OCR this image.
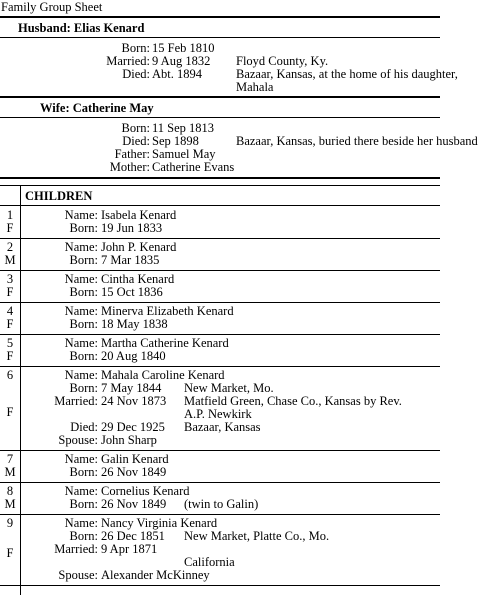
Family Group Sheet
Husband: Elias Kenard
Born: 15 Feb 1810
Married: 9 Aug 1832 Floyd County, Ky.
Died: Abt. 1894	Bazaar, Kansas, at the home of his daughter,
Mahala
Wife: Catherine May
Born: 11 Sep 1813
Died: Sep 1898	Bazaar, Kansas, buried there beside her husband
Father: Samuel May
Mother: Catherine Evans
CHILDREN
1
F
Name: Isabela Kenard
Born: 19 Jun 1833
2
M
Name: John P. Kenard
Born: 7 Mar 1835
3
F
Name: Cintha Kenard
Born: 15 Oct 1836
4
F
Name: Minerva Elizabeth Kenard
Born: 18 May 1838
5
F
Name: Martha Catherine Kenard
Born: 20 Aug 1840
6
F
Name: Mahala Caroline Kenard
Born: 7 May 1844 New Market, Mo.
Married: 24 Nov 1873 Matfield Green, Chase Co., Kansas by Rev.
A.P. Newkirk
Died: 29 Dec 1925 Bazaar, Kansas
Spouse: John Sharp
7
M
Name: Galin Kenard
Born: 26 Nov 1849
8
M
Name: Cornelius Kenard
Born: 26 Nov 1849 (twin to Galin)
9
F
Name: Nancy Virginia Kenard
Born: 26 Dec 1851 New Market, Platte Co., Mo.
Married: 9 Apr 1871
California
Spouse: Alexander McKinney
